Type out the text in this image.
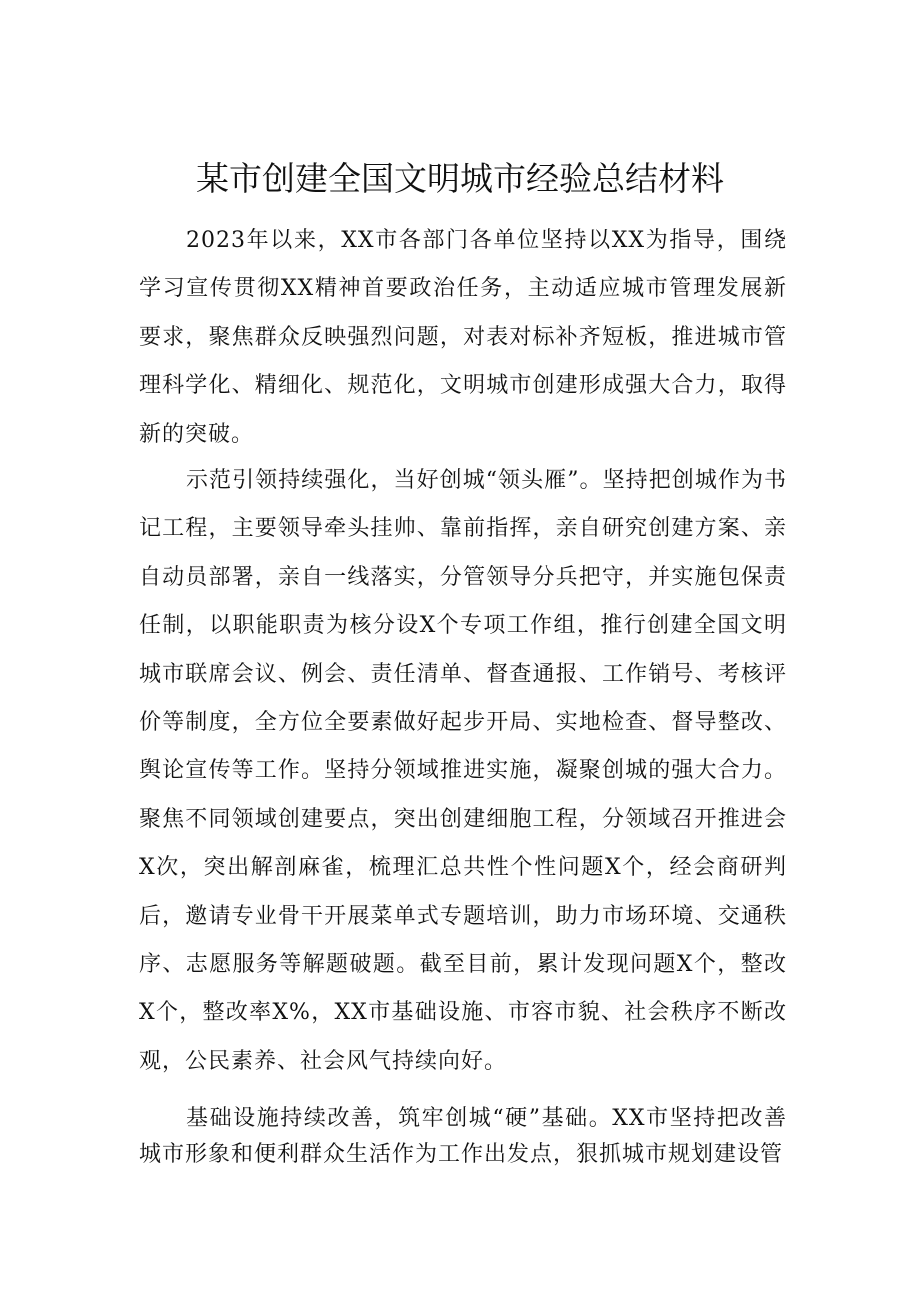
某市创建全国文明城市经验总结材料

2023年以来，XX市各部门各单位坚持以XX为指导，围绕学习宣传贯彻XX精神首要政治任务，主动适应城市管理发展新要求，聚焦群众反映强烈问题，对表对标补齐短板，推进城市管理科学化、精细化、规范化，文明城市创建形成强大合力，取得新的突破。

示范引领持续强化，当好创城“领头雁”。坚持把创城作为书记工程，主要领导牵头挂帅、靠前指挥，亲自研究创建方案、亲自动员部署，亲自一线落实，分管领导分兵把守，并实施包保责任制，以职能职责为核分设X个专项工作组，推行创建全国文明城市联席会议、例会、责任清单、督查通报、工作销号、考核评价等制度，全方位全要素做好起步开局、实地检查、督导整改、舆论宣传等工作。坚持分领域推进实施，凝聚创城的强大合力。聚焦不同领域创建要点，突出创建细胞工程，分领域召开推进会X次，突出解剖麻雀，梳理汇总共性个性问题X个，经会商研判后，邀请专业骨干开展菜单式专题培训，助力市场环境、交通秩序、志愿服务等解题破题。截至目前，累计发现问题X个，整改X个，整改率X%，XX市基础设施、市容市貌、社会秩序不断改观，公民素养、社会风气持续向好。

基础设施持续改善，筑牢创城“硬”基础。XX市坚持把改善城市形象和便利群众生活作为工作出发点，狠抓城市规划建设管
